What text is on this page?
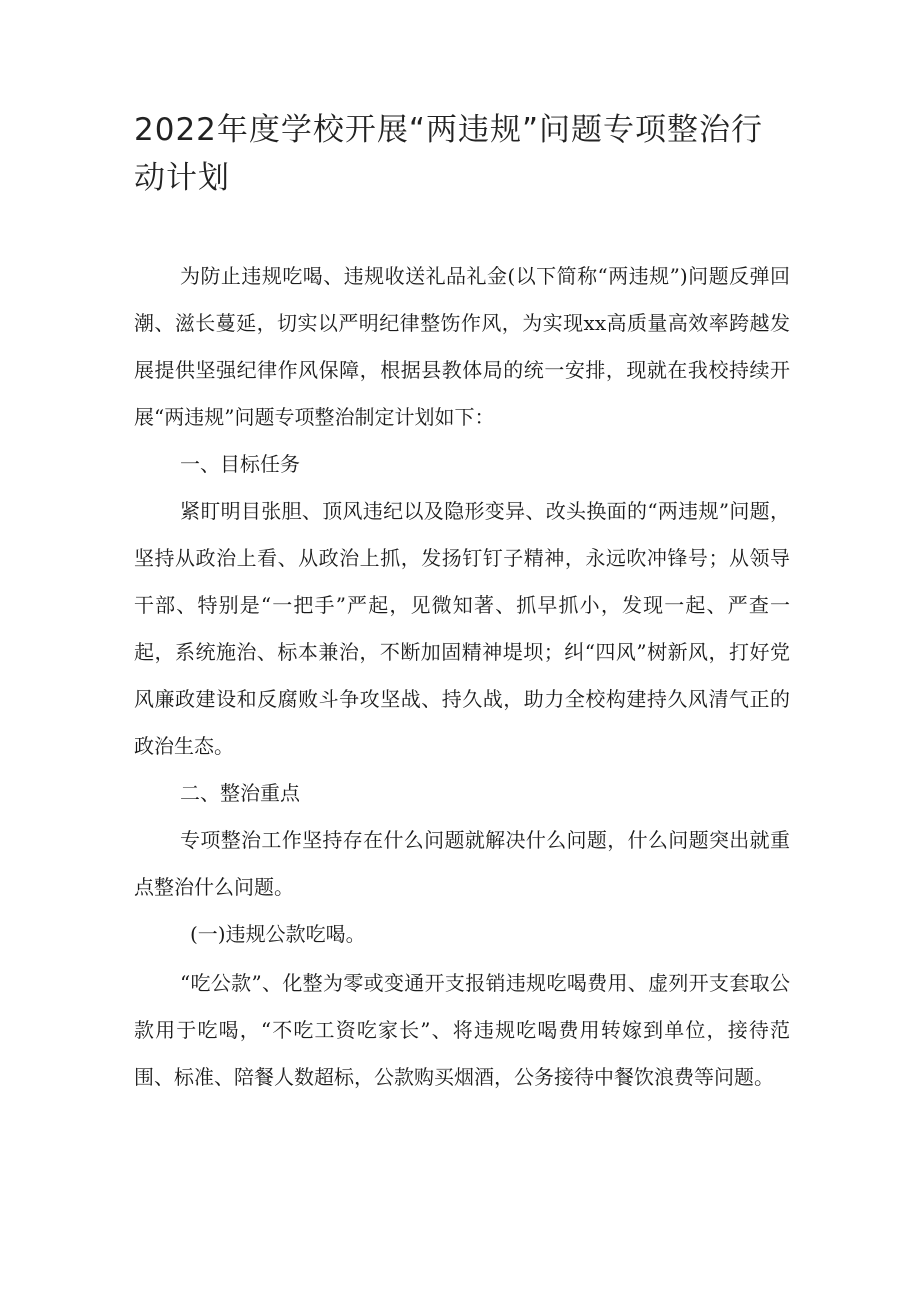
2022年度学校开展“两违规”问题专项整治行动计划

为防止违规吃喝、违规收送礼品礼金(以下简称“两违规”)问题反弹回潮、滋长蔓延，切实以严明纪律整饬作风，为实现xx高质量高效率跨越发展提供坚强纪律作风保障，根据县教体局的统一安排，现就在我校持续开展“两违规”问题专项整治制定计划如下：

一、目标任务

紧盯明目张胆、顶风违纪以及隐形变异、改头换面的“两违规”问题，坚持从政治上看、从政治上抓，发扬钉钉子精神，永远吹冲锋号；从领导干部、特别是“一把手”严起，见微知著、抓早抓小，发现一起、严查一起，系统施治、标本兼治，不断加固精神堤坝；纠“四风”树新风，打好党风廉政建设和反腐败斗争攻坚战、持久战，助力全校构建持久风清气正的政治生态。

二、整治重点

专项整治工作坚持存在什么问题就解决什么问题，什么问题突出就重点整治什么问题。

(一)违规公款吃喝。

“吃公款”、化整为零或变通开支报销违规吃喝费用、虚列开支套取公款用于吃喝，“不吃工资吃家长”、将违规吃喝费用转嫁到单位，接待范围、标准、陪餐人数超标，公款购买烟酒，公务接待中餐饮浪费等问题。
